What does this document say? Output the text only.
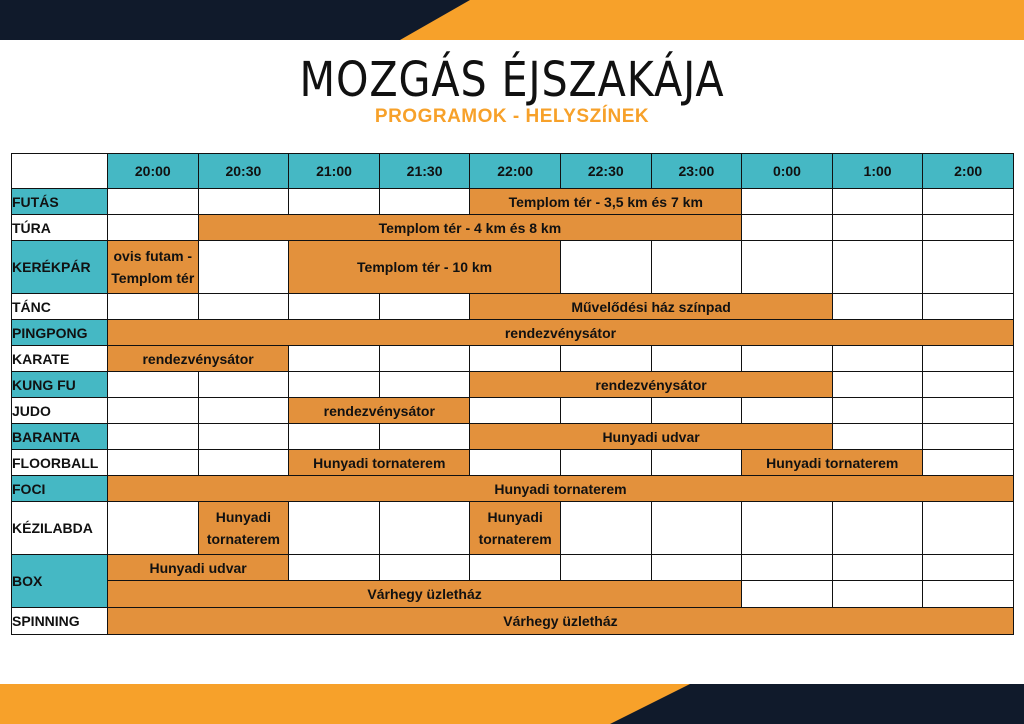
MOZGÁS ÉJSZAKÁJA
PROGRAMOK - HELYSZÍNEK
	20:00	20:30	21:00	21:30	22:00	22:30	23:00	0:00	1:00	2:00
FUTÁS					Templom tér - 3,5 km és 7 km					
TÚRA		Templom tér - 4 km és 8 km								
KERÉKPÁR	ovis futam - Templom tér		Templom tér - 10 km							
TÁNC					Művelődési ház színpad					
PINGPONG	rendezvénysátor									
KARATE	rendezvénysátor									
KUNG FU					rendezvénysátor					
JUDO			rendezvénysátor							
BARANTA					Hunyadi udvar					
FLOORBALL			Hunyadi tornaterem					Hunyadi tornaterem		
FOCI	Hunyadi tornaterem									
KÉZILABDA		Hunyadi tornaterem			Hunyadi tornaterem					
BOX	Hunyadi udvar									
	Várhegy üzletház									
SPINNING	Várhegy üzletház									
